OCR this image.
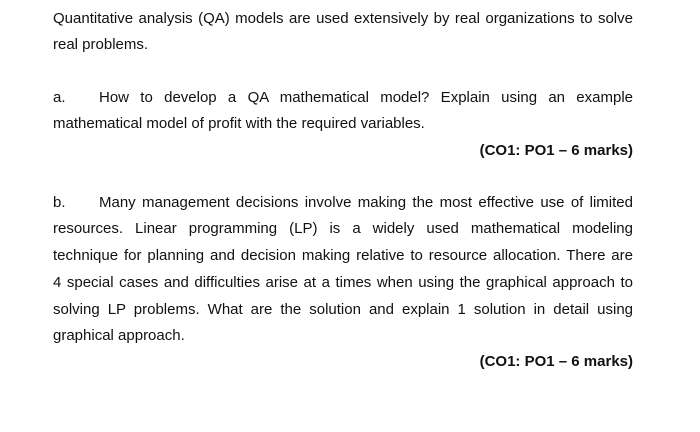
Quantitative analysis (QA) models are used extensively by real organizations to solve
real problems.
a. How to develop a QA mathematical model? Explain using an example
mathematical model of profit with the required variables.
(CO1: PO1 – 6 marks)
b. Many management decisions involve making the most effective use of limited
resources. Linear programming (LP) is a widely used mathematical modeling
technique for planning and decision making relative to resource allocation. There are
4 special cases and difficulties arise at a times when using the graphical approach to
solving LP problems. What are the solution and explain 1 solution in detail using
graphical approach.
(CO1: PO1 – 6 marks)
